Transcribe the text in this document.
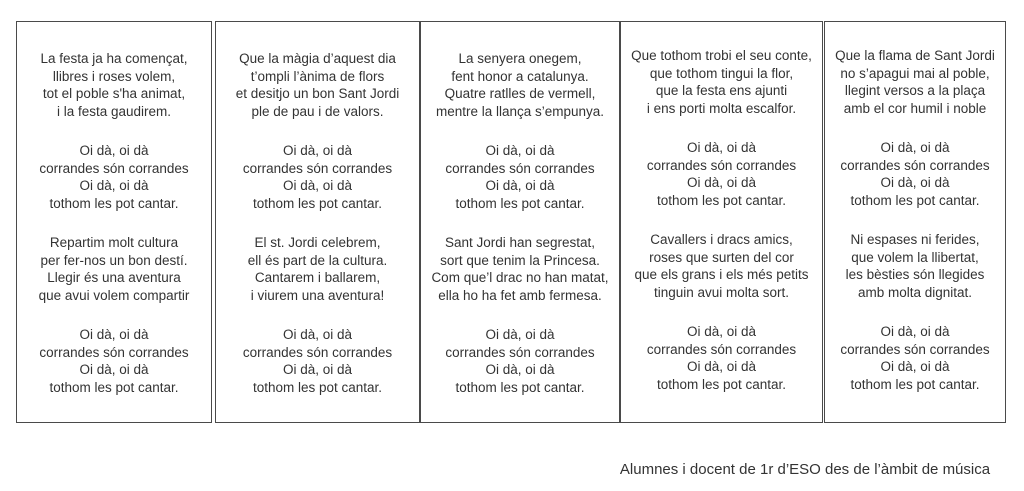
La festa ja ha començat,
llibres i roses volem,
tot el poble s'ha animat,
i la festa gaudirem.
Oi dà, oi dà
corrandes són corrandes
Oi dà, oi dà
tothom les pot cantar.
Repartim molt cultura
per fer-nos un bon destí.
Llegir és una aventura
que avui volem compartir
Oi dà, oi dà
corrandes són corrandes
Oi dà, oi dà
tothom les pot cantar.
Que la màgia d’aquest dia
t’ompli l’ànima de flors
et desitjo un bon Sant Jordi
ple de pau i de valors.
Oi dà, oi dà
corrandes són corrandes
Oi dà, oi dà
tothom les pot cantar.
El st. Jordi celebrem,
ell és part de la cultura.
Cantarem i ballarem,
i viurem una aventura!
Oi dà, oi dà
corrandes són corrandes
Oi dà, oi dà
tothom les pot cantar.
La senyera onegem,
fent honor a catalunya.
Quatre ratlles de vermell,
mentre la llança s’empunya.
Oi dà, oi dà
corrandes són corrandes
Oi dà, oi dà
tothom les pot cantar.
Sant Jordi han segrestat,
sort que tenim la Princesa.
Com que’l drac no han matat,
ella ho ha fet amb fermesa.
Oi dà, oi dà
corrandes són corrandes
Oi dà, oi dà
tothom les pot cantar.
Que tothom trobi el seu conte,
que tothom tingui la flor,
que la festa ens ajunti
i ens porti molta escalfor.
Oi dà, oi dà
corrandes són corrandes
Oi dà, oi dà
tothom les pot cantar.
Cavallers i dracs amics,
roses que surten del cor
que els grans i els més petits
tinguin avui molta sort.
Oi dà, oi dà
corrandes són corrandes
Oi dà, oi dà
tothom les pot cantar.
Que la flama de Sant Jordi
no s’apagui mai al poble,
llegint versos a la plaça
amb el cor humil i noble
Oi dà, oi dà
corrandes són corrandes
Oi dà, oi dà
tothom les pot cantar.
Ni espases ni ferides,
que volem la llibertat,
les bèsties són llegides
amb molta dignitat.
Oi dà, oi dà
corrandes són corrandes
Oi dà, oi dà
tothom les pot cantar.
Alumnes i docent de 1r d’ESO des de l’àmbit de música
